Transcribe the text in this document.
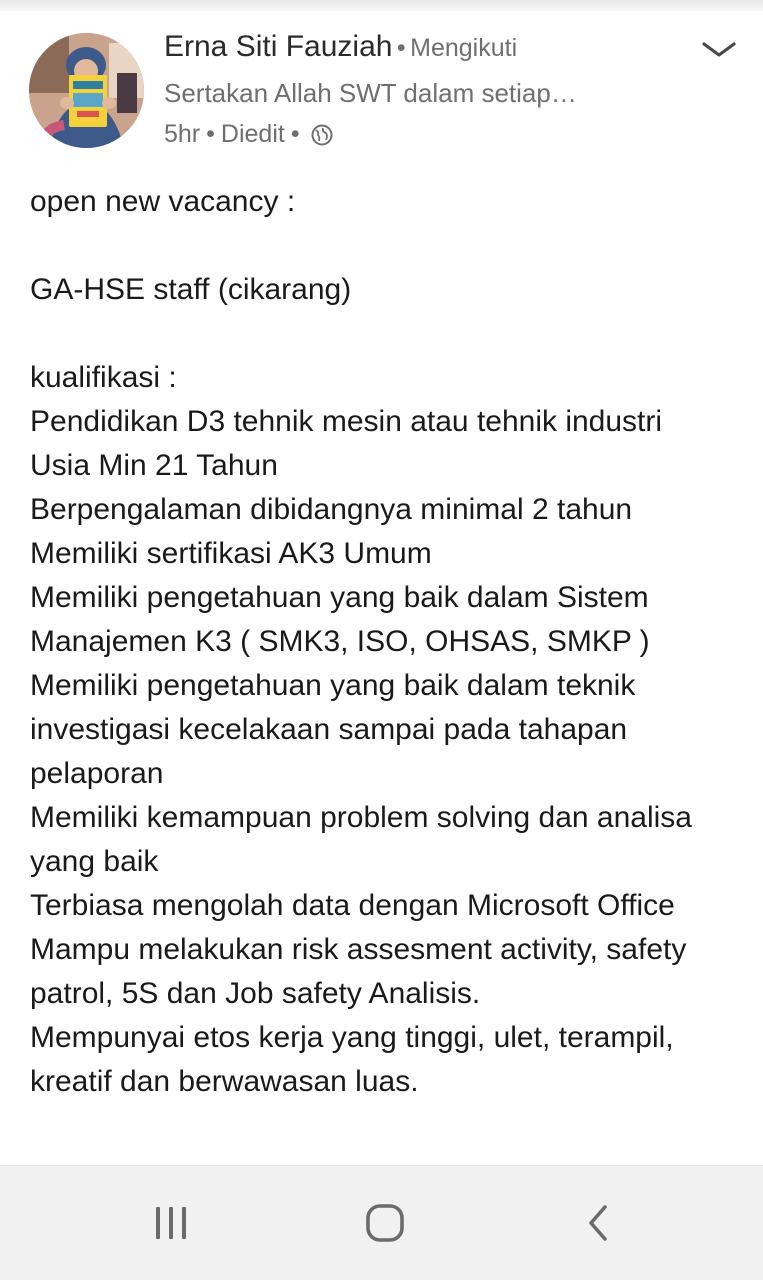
Erna Siti Fauziah • Mengikuti
Sertakan Allah SWT dalam setiap…
5hr • Diedit •

open new vacancy :

GA-HSE staff (cikarang)

kualifikasi :

Pendidikan D3 tehnik mesin atau tehnik industri

Usia Min 21 Tahun

Berpengalaman dibidangnya minimal 2 tahun

Memiliki sertifikasi AK3 Umum

Memiliki pengetahuan yang baik dalam Sistem Manajemen K3 ( SMK3, ISO, OHSAS, SMKP )

Memiliki pengetahuan yang baik dalam teknik investigasi kecelakaan sampai pada tahapan pelaporan

Memiliki kemampuan problem solving dan analisa yang baik

Terbiasa mengolah data dengan Microsoft Office

Mampu melakukan risk assesment activity, safety patrol, 5S dan Job safety Analisis.

Mempunyai etos kerja yang tinggi, ulet, terampil, kreatif dan berwawasan luas.
